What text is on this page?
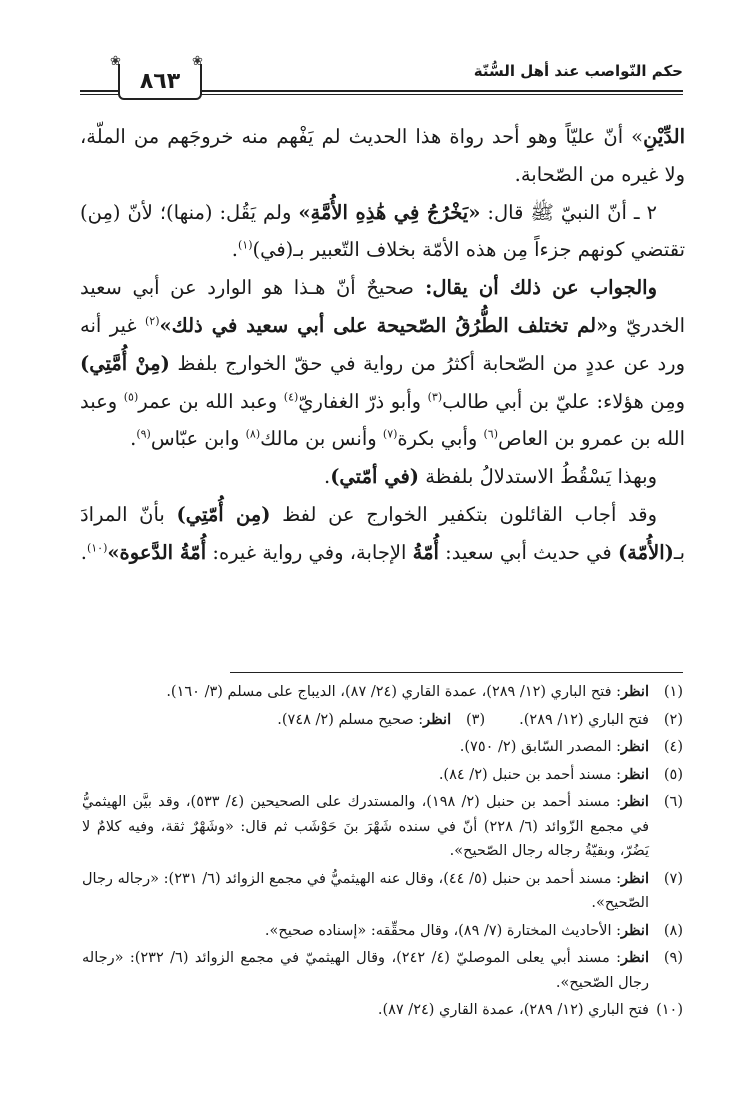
حكم النّواصب عند أهل السُّنّة
❀	❀
٨٦٣

الدِّيْنِ» أنّ عليّاً وهو أحد رواة هذا الحديث لم يَفْهم منه خروجَهم من الملّة، ولا غيره من الصّحابة.

٢ ـ أنّ النبيّ ﷺ قال: «يَخْرُجُ فِي هَٰذِهِ الأُمَّةِ» ولم يَقُل: (منها)؛ لأنّ (مِن) تقتضي كونهم جزءاً مِن هذه الأمّة بخلاف التّعبير بـ(في)$^{(١)}$.

والجواب عن ذلك أن يقال: صحيحٌ أنّ هـذا هو الوارد عن أبي سعيد الخدريّ و«لم تختلف الطُّرُقُ الصّحيحة على أبي سعيد في ذلك»$^{(٢)}$ غير أنه ورد عن عددٍ من الصّحابة أكثرُ من رواية في حقّ الخوارج بلفظ (مِنْ أُمَّتِي) ومِن هؤلاء: عليّ بن أبي طالب$^{(٣)}$ وأبو ذرّ الغفاريّ$^{(٤)}$ وعبد الله بن عمر$^{(٥)}$ وعبد الله بن عمرو بن العاص$^{(٦)}$ وأبي بكرة$^{(٧)}$ وأنس بن مالك$^{(٨)}$ وابن عبّاس$^{(٩)}$.

وبهذا يَسْقُطُ الاستدلالُ بلفظة (في أمّتي).

وقد أجاب القائلون بتكفير الخوارج عن لفظ (مِن أُمّتِي) بأنّ المرادَ بـ(الأُمّة) في حديث أبي سعيد: أُمّةُ الإجابة، وفي رواية غيره: أُمّةُ الدَّعوة»$^{(١٠)}$.

(١)
انظر: فتح الباري (١٢/ ٢٨٩)، عمدة القاري (٢٤/ ٨٧)، الديباج على مسلم (٣/ ١٦٠).
(٢)
فتح الباري (١٢/ ٢٨٩).
(٣)
انظر: صحيح مسلم (٢/ ٧٤٨).
(٤)
انظر: المصدر السّابق (٢/ ٧٥٠).
(٥)
انظر: مسند أحمد بن حنبل (٢/ ٨٤).
(٦)
انظر: مسند أحمد بن حنبل (٢/ ١٩٨)، والمستدرك على الصحيحين (٤/ ٥٣٣)، وقد بيَّن الهيثميُّ في مجمع الزّوائد (٦/ ٢٢٨) أنّ في سنده شَهْرَ بنَ حَوْشَب ثم قال: «وشَهْرٌ ثقة، وفيه كلامٌ لا يَضُرّ، وبقيّةُ رجاله رجال الصّحيح».
(٧)
انظر: مسند أحمد بن حنبل (٥/ ٤٤)، وقال عنه الهيثميُّ في مجمع الزوائد (٦/ ٢٣١): «رجاله رجال الصّحيح».
(٨)
انظر: الأحاديث المختارة (٧/ ٨٩)، وقال محقِّقه: «إسناده صحيح».
(٩)
انظر: مسند أبي يعلى الموصليّ (٤/ ٢٤٢)، وقال الهيثميّ في مجمع الزوائد (٦/ ٢٣٢): «رجاله رجال الصّحيح».
(١٠)
فتح الباري (١٢/ ٢٨٩)، عمدة القاري (٢٤/ ٨٧).
